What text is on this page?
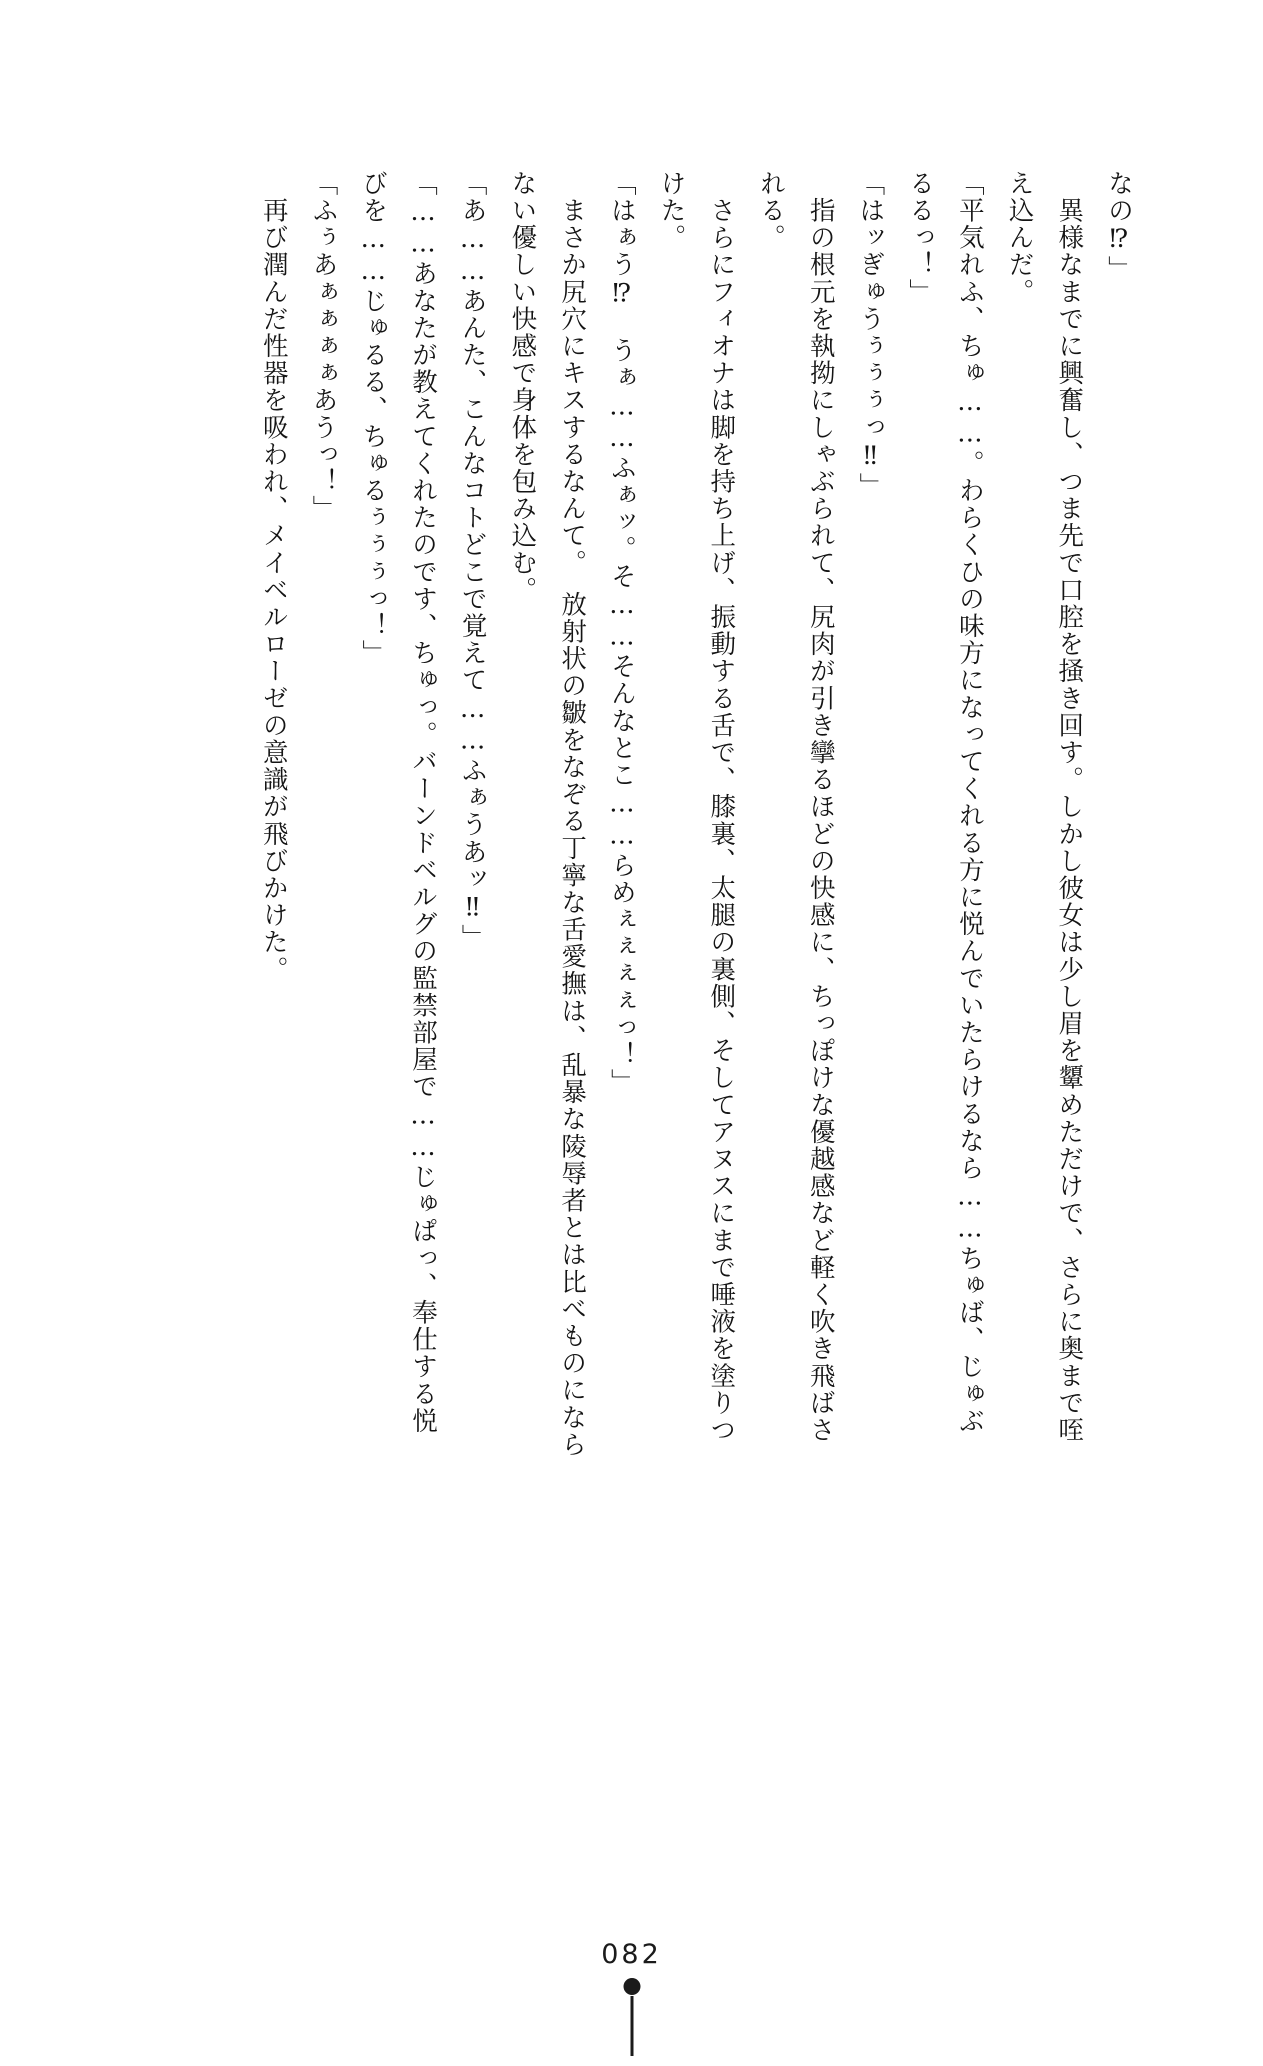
なの⁉」

　異様なまでに興奮し、つま先で口腔を掻き回す。しかし彼女は少し眉を顰めただけで、さらに奥まで咥え込んだ。

「平気れふ、ちゅ……。わらくひの味方になってくれる方に悦んでいたらけるなら……ちゅば、じゅぶるるっ！」

「はッぎゅうぅぅぅっ‼」

　指の根元を執拗にしゃぶられて、尻肉が引き攣るほどの快感に、ちっぽけな優越感など軽く吹き飛ばされる。

　さらにフィオナは脚を持ち上げ、振動する舌で、膝裏、太腿の裏側、そしてアヌスにまで唾液を塗りつけた。

「はぁう⁉　うぁ……ふぁッ。そ……そんなとこ……らめぇぇぇぇっ！」

　まさか尻穴にキスするなんて。　放射状の皺をなぞる丁寧な舌愛撫は、乱暴な陵辱者とは比べものにならない優しい快感で身体を包み込む。

「あ……あんた、こんなコトどこで覚えて……ふぁうあッ‼」

「……あなたが教えてくれたのです、ちゅっ。バーンドベルグの監禁部屋で……じゅぱっ、奉仕する悦びを……じゅるる、ちゅるぅぅぅっ！」

「ふぅあぁぁぁぁあうっ！」

　再び潤んだ性器を吸われ、メイベルローゼの意識が飛びかけた。

082
